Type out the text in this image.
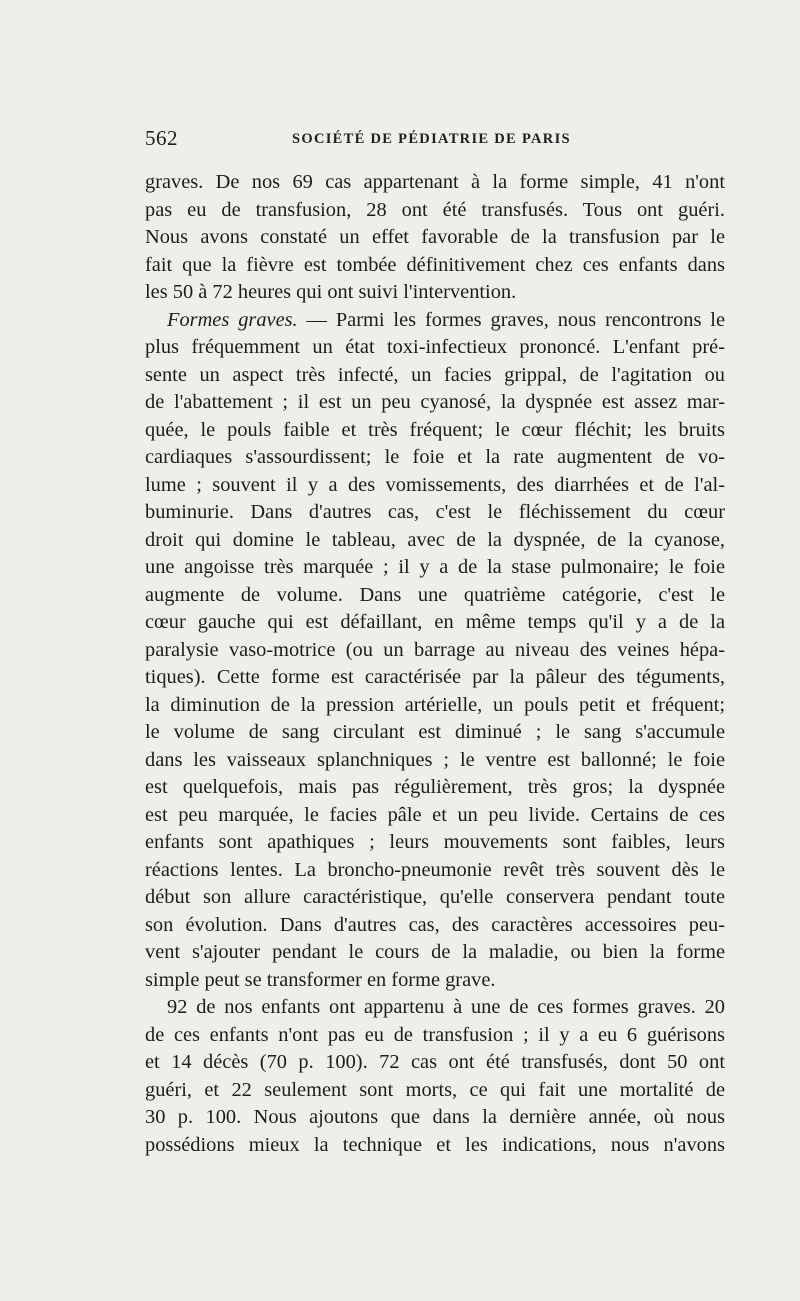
562	SOCIÉTÉ DE PÉDIATRIE DE PARIS

graves. De nos 69 cas appartenant à la forme simple, 41 n'ont
pas eu de transfusion, 28 ont été transfusés. Tous ont guéri.
Nous avons constaté un effet favorable de la transfusion par le
fait que la fièvre est tombée définitivement chez ces enfants dans
les 50 à 72 heures qui ont suivi l'intervention.

Formes graves. — Parmi les formes graves, nous rencontrons le
plus fréquemment un état toxi-infectieux prononcé. L'enfant pré-
sente un aspect très infecté, un facies grippal, de l'agitation ou
de l'abattement ; il est un peu cyanosé, la dyspnée est assez mar-
quée, le pouls faible et très fréquent; le cœur fléchit; les bruits
cardiaques s'assourdissent; le foie et la rate augmentent de vo-
lume ; souvent il y a des vomissements, des diarrhées et de l'al-
buminurie. Dans d'autres cas, c'est le fléchissement du cœur
droit qui domine le tableau, avec de la dyspnée, de la cyanose,
une angoisse très marquée ; il y a de la stase pulmonaire; le foie
augmente de volume. Dans une quatrième catégorie, c'est le
cœur gauche qui est défaillant, en même temps qu'il y a de la
paralysie vaso-motrice (ou un barrage au niveau des veines hépa-
tiques). Cette forme est caractérisée par la pâleur des téguments,
la diminution de la pression artérielle, un pouls petit et fréquent;
le volume de sang circulant est diminué ; le sang s'accumule
dans les vaisseaux splanchniques ; le ventre est ballonné; le foie
est quelquefois, mais pas régulièrement, très gros; la dyspnée
est peu marquée, le facies pâle et un peu livide. Certains de ces
enfants sont apathiques ; leurs mouvements sont faibles, leurs
réactions lentes. La broncho-pneumonie revêt très souvent dès le
début son allure caractéristique, qu'elle conservera pendant toute
son évolution. Dans d'autres cas, des caractères accessoires peu-
vent s'ajouter pendant le cours de la maladie, ou bien la forme
simple peut se transformer en forme grave.

92 de nos enfants ont appartenu à une de ces formes graves. 20
de ces enfants n'ont pas eu de transfusion ; il y a eu 6 guérisons
et 14 décès (70 p. 100). 72 cas ont été transfusés, dont 50 ont
guéri, et 22 seulement sont morts, ce qui fait une mortalité de
30 p. 100. Nous ajoutons que dans la dernière année, où nous
possédions mieux la technique et les indications, nous n'avons
